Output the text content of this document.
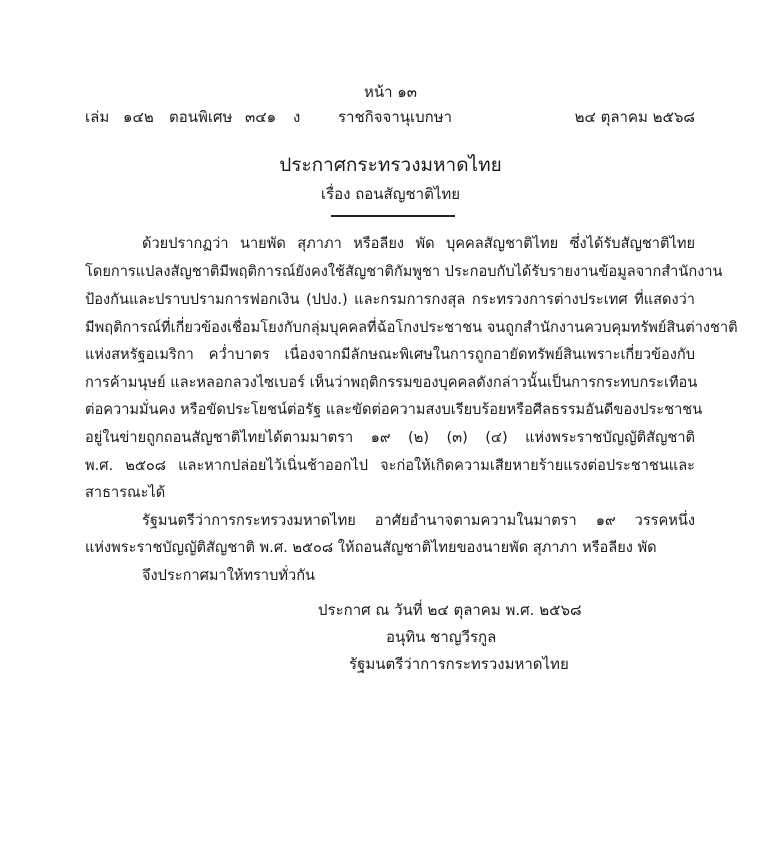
หน้า ๑๓
เล่ม ๑๔๒ ตอนพิเศษ ๓๔๑ ง	ราชกิจจานุเบกษา	๒๔ ตุลาคม ๒๕๖๘
ประกาศกระทรวงมหาดไทย
เรื่อง ถอนสัญชาติไทย
ด้วยปรากฏว่า นายพัด สุภาภา หรือลียง พัด บุคคลสัญชาติไทย ซึ่งได้รับสัญชาติไทย
โดยการแปลงสัญชาติมีพฤติการณ์ยังคงใช้สัญชาติกัมพูชา ประกอบกับได้รับรายงานข้อมูลจากสำนักงาน
ป้องกันและปราบปรามการฟอกเงิน (ปปง.) และกรมการกงสุล กระทรวงการต่างประเทศ ที่แสดงว่า
มีพฤติการณ์ที่เกี่ยวข้องเชื่อมโยงกับกลุ่มบุคคลที่ฉ้อโกงประชาชน จนถูกสำนักงานควบคุมทรัพย์สินต่างชาติ
แห่งสหรัฐอเมริกา คว่ำบาตร เนื่องจากมีลักษณะพิเศษในการถูกอายัดทรัพย์สินเพราะเกี่ยวข้องกับ
การค้ามนุษย์ และหลอกลวงไซเบอร์ เห็นว่าพฤติกรรมของบุคคลดังกล่าวนั้นเป็นการกระทบกระเทือน
ต่อความมั่นคง หรือขัดประโยชน์ต่อรัฐ และขัดต่อความสงบเรียบร้อยหรือศีลธรรมอันดีของประชาชน
อยู่ในข่ายถูกถอนสัญชาติไทยได้ตามมาตรา ๑๙ (๒) (๓) (๔) แห่งพระราชบัญญัติสัญชาติ
พ.ศ. ๒๕๐๘ และหากปล่อยไว้เนิ่นช้าออกไป จะก่อให้เกิดความเสียหายร้ายแรงต่อประชาชนและ
สาธารณะได้
รัฐมนตรีว่าการกระทรวงมหาดไทย อาศัยอำนาจตามความในมาตรา ๑๙ วรรคหนึ่ง
แห่งพระราชบัญญัติสัญชาติ พ.ศ. ๒๕๐๘ ให้ถอนสัญชาติไทยของนายพัด สุภาภา หรือลียง พัด
จึงประกาศมาให้ทราบทั่วกัน
ประกาศ ณ วันที่ ๒๔ ตุลาคม พ.ศ. ๒๕๖๘
อนุทิน ชาญวีรกูล
รัฐมนตรีว่าการกระทรวงมหาดไทย
